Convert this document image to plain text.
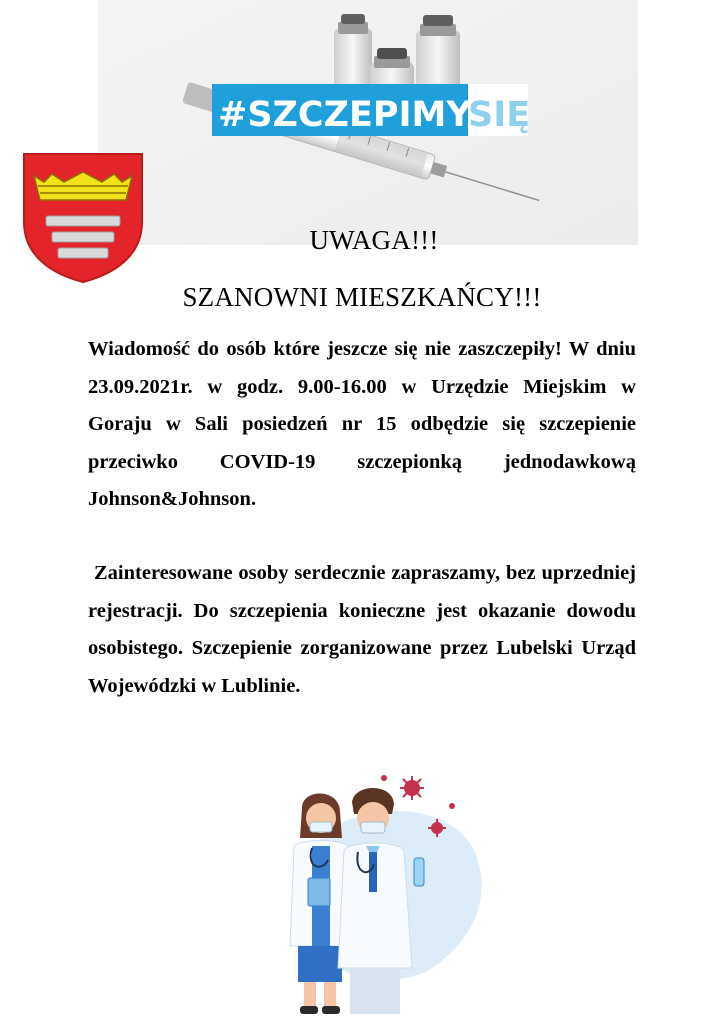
#SZCZEPIMY
SIĘ
UWAGA!!!
SZANOWNI MIESZKAŃCY!!!

Wiadomość do osób które jeszcze się nie zaszczepiły! W dniu 23.09.2021r. w godz. 9.00-16.00 w Urzędzie Miejskim w Goraju w Sali posiedzeń nr 15 odbędzie się szczepienie przeciwko COVID-19 szczepionką jednodawkową Johnson&Johnson.

Zainteresowane osoby serdecznie zapraszamy, bez uprzedniej rejestracji. Do szczepienia konieczne jest okazanie dowodu osobistego. Szczepienie zorganizowane przez Lubelski Urząd Wojewódzki w Lublinie.
